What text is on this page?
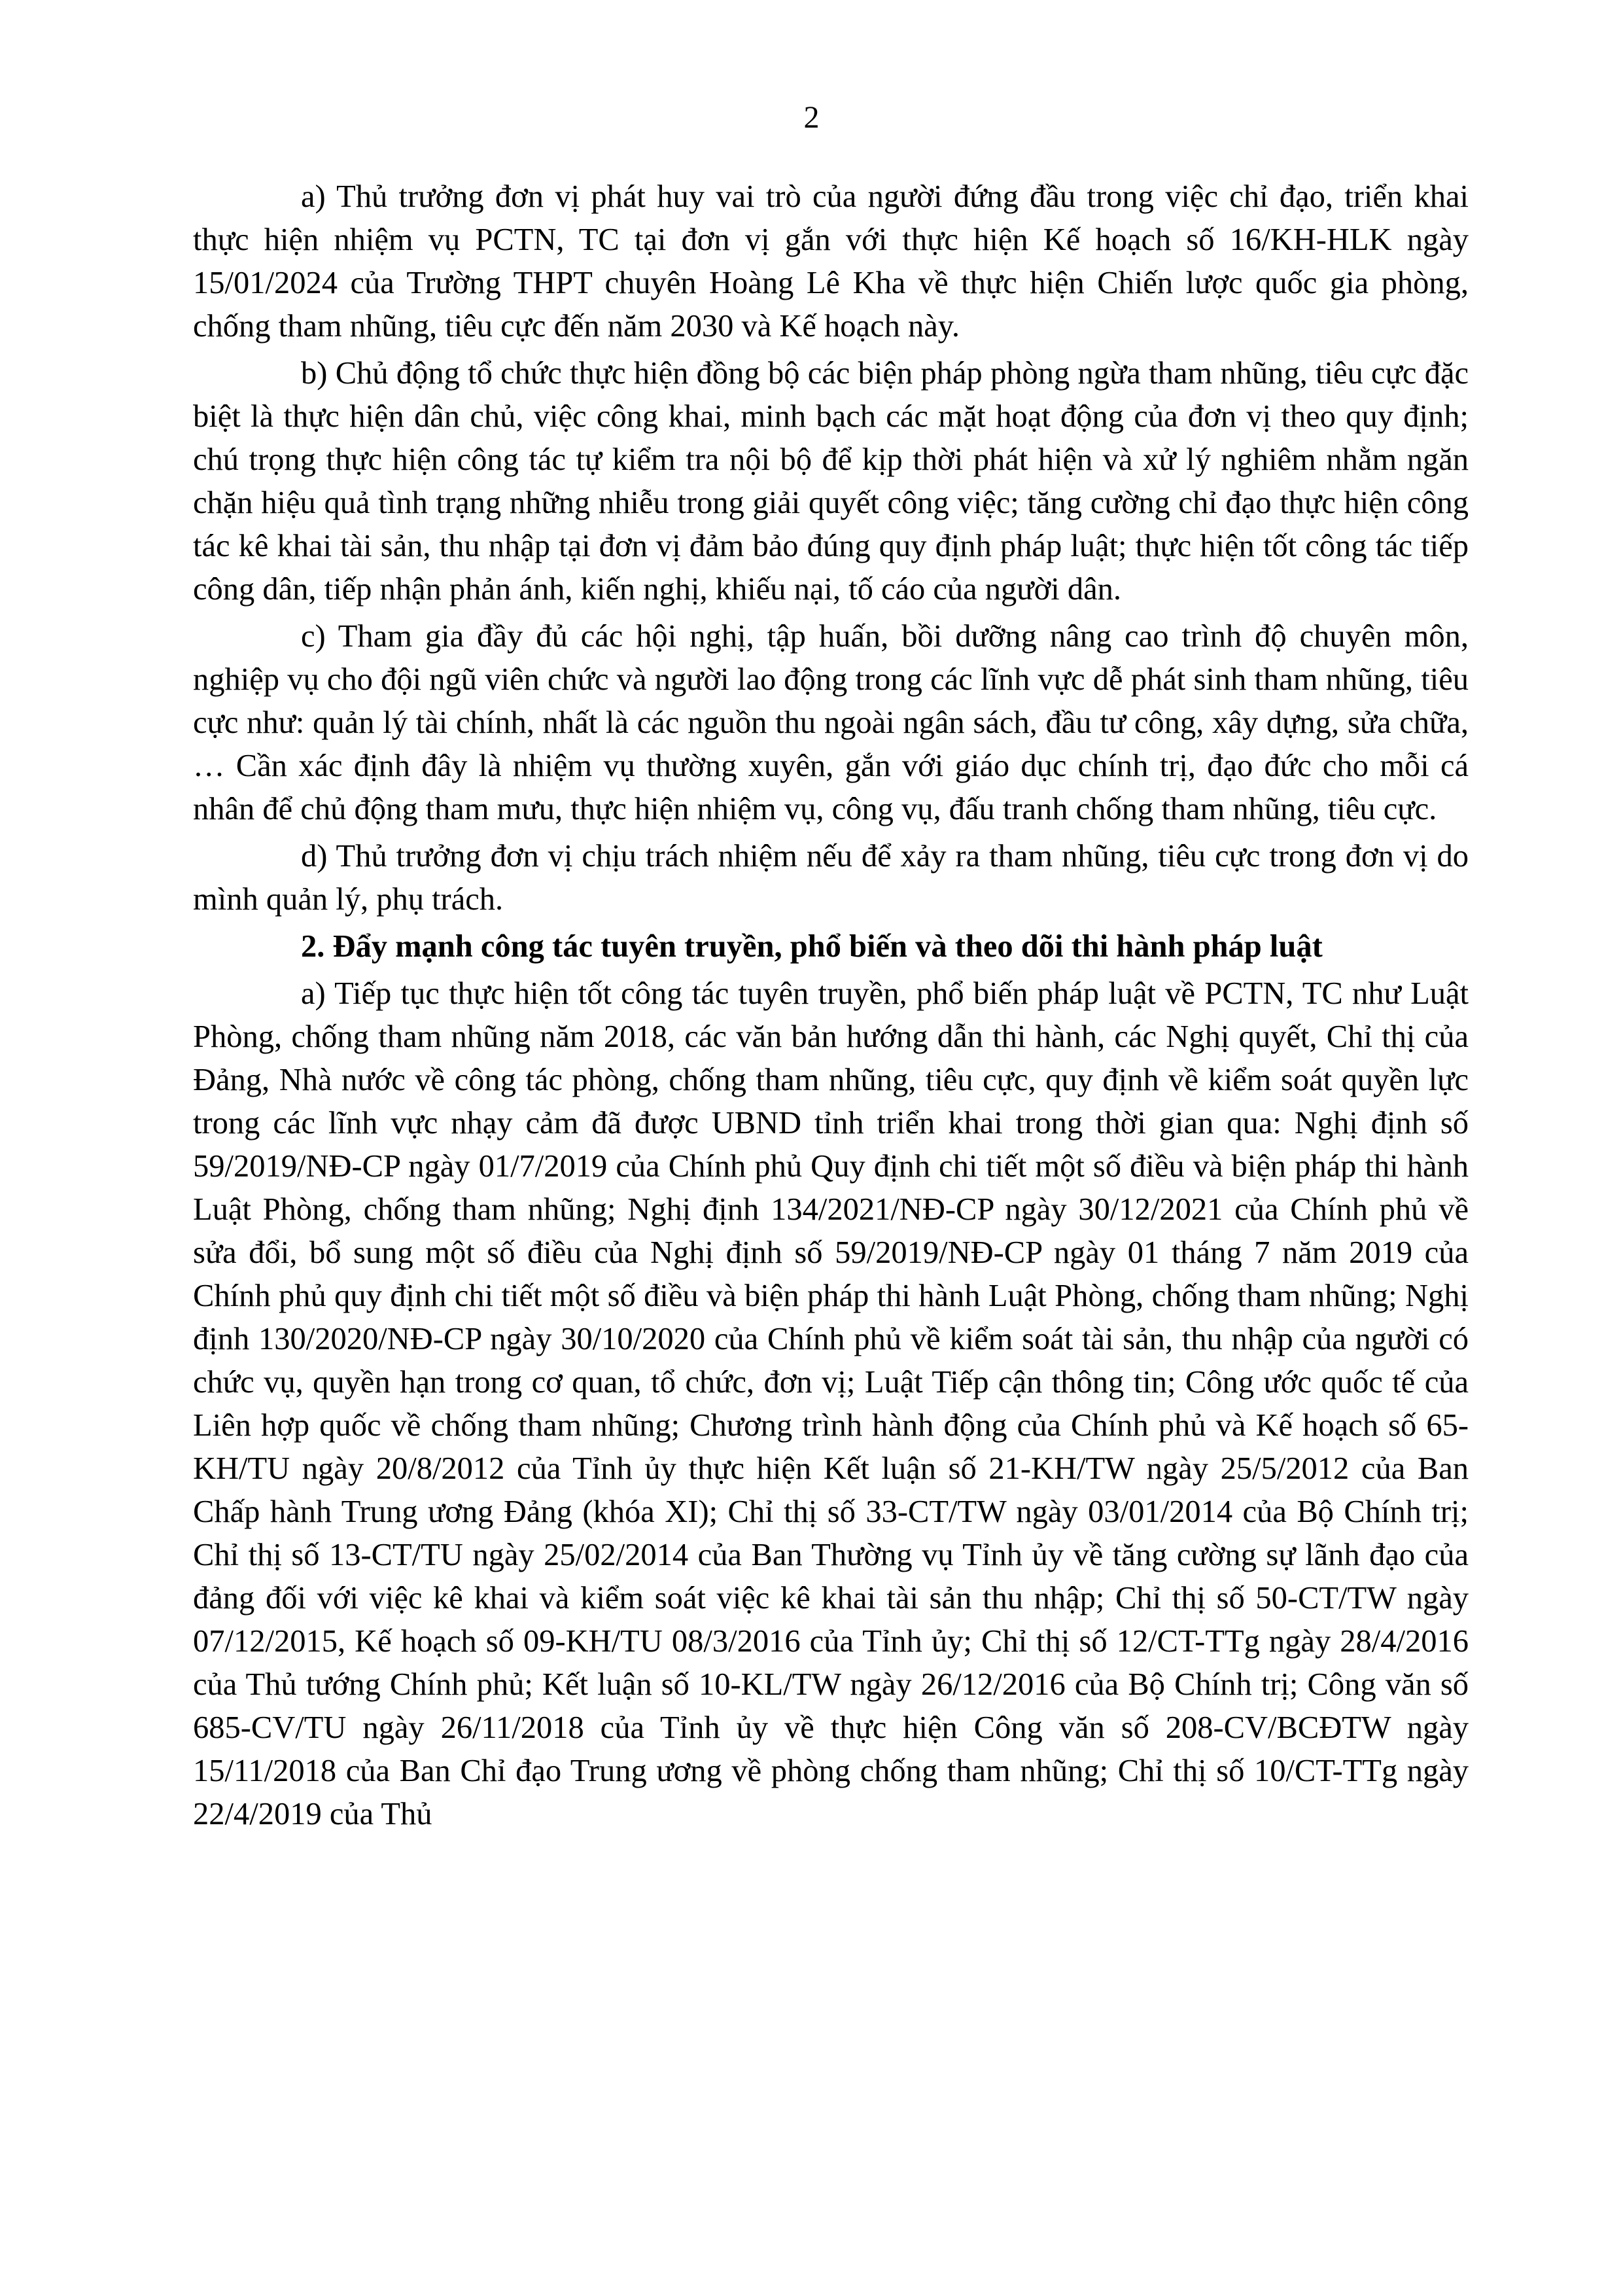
2

a) Thủ trưởng đơn vị phát huy vai trò của người đứng đầu trong việc chỉ đạo, triển khai thực hiện nhiệm vụ PCTN, TC tại đơn vị gắn với thực hiện Kế hoạch số 16/KH-HLK ngày 15/01/2024 của Trường THPT chuyên Hoàng Lê Kha về thực hiện Chiến lược quốc gia phòng, chống tham nhũng, tiêu cực đến năm 2030 và Kế hoạch này.

b) Chủ động tổ chức thực hiện đồng bộ các biện pháp phòng ngừa tham nhũng, tiêu cực đặc biệt là thực hiện dân chủ, việc công khai, minh bạch các mặt hoạt động của đơn vị theo quy định; chú trọng thực hiện công tác tự kiểm tra nội bộ để kịp thời phát hiện và xử lý nghiêm nhằm ngăn chặn hiệu quả tình trạng những nhiễu trong giải quyết công việc; tăng cường chỉ đạo thực hiện công tác kê khai tài sản, thu nhập tại đơn vị đảm bảo đúng quy định pháp luật; thực hiện tốt công tác tiếp công dân, tiếp nhận phản ánh, kiến nghị, khiếu nại, tố cáo của người dân.

c) Tham gia đầy đủ các hội nghị, tập huấn, bồi dưỡng nâng cao trình độ chuyên môn, nghiệp vụ cho đội ngũ viên chức và người lao động trong các lĩnh vực dễ phát sinh tham nhũng, tiêu cực như: quản lý tài chính, nhất là các nguồn thu ngoài ngân sách, đầu tư công, xây dựng, sửa chữa, … Cần xác định đây là nhiệm vụ thường xuyên, gắn với giáo dục chính trị, đạo đức cho mỗi cá nhân để chủ động tham mưu, thực hiện nhiệm vụ, công vụ, đấu tranh chống tham nhũng, tiêu cực.

d) Thủ trưởng đơn vị chịu trách nhiệm nếu để xảy ra tham nhũng, tiêu cực trong đơn vị do mình quản lý, phụ trách.

2. Đẩy mạnh công tác tuyên truyền, phổ biến và theo dõi thi hành pháp luật

a) Tiếp tục thực hiện tốt công tác tuyên truyền, phổ biến pháp luật về PCTN, TC như Luật Phòng, chống tham nhũng năm 2018, các văn bản hướng dẫn thi hành, các Nghị quyết, Chỉ thị của Đảng, Nhà nước về công tác phòng, chống tham nhũng, tiêu cực, quy định về kiểm soát quyền lực trong các lĩnh vực nhạy cảm đã được UBND tỉnh triển khai trong thời gian qua: Nghị định số 59/2019/NĐ-CP ngày 01/7/2019 của Chính phủ Quy định chi tiết một số điều và biện pháp thi hành Luật Phòng, chống tham nhũng; Nghị định 134/2021/NĐ-CP ngày 30/12/2021 của Chính phủ về sửa đổi, bổ sung một số điều của Nghị định số 59/2019/NĐ-CP ngày 01 tháng 7 năm 2019 của Chính phủ quy định chi tiết một số điều và biện pháp thi hành Luật Phòng, chống tham nhũng; Nghị định 130/2020/NĐ-CP ngày 30/10/2020 của Chính phủ về kiểm soát tài sản, thu nhập của người có chức vụ, quyền hạn trong cơ quan, tổ chức, đơn vị; Luật Tiếp cận thông tin; Công ước quốc tế của Liên hợp quốc về chống tham nhũng; Chương trình hành động của Chính phủ và Kế hoạch số 65-KH/TU ngày 20/8/2012 của Tỉnh ủy thực hiện Kết luận số 21-KH/TW ngày 25/5/2012 của Ban Chấp hành Trung ương Đảng (khóa XI); Chỉ thị số 33-CT/TW ngày 03/01/2014 của Bộ Chính trị; Chỉ thị số 13-CT/TU ngày 25/02/2014 của Ban Thường vụ Tỉnh ủy về tăng cường sự lãnh đạo của đảng đối với việc kê khai và kiểm soát việc kê khai tài sản thu nhập; Chỉ thị số 50-CT/TW ngày 07/12/2015, Kế hoạch số 09-KH/TU 08/3/2016 của Tỉnh ủy; Chỉ thị số 12/CT-TTg ngày 28/4/2016 của Thủ tướng Chính phủ; Kết luận số 10-KL/TW ngày 26/12/2016 của Bộ Chính trị; Công văn số 685-CV/TU ngày 26/11/2018 của Tỉnh ủy về thực hiện Công văn số 208-CV/BCĐTW ngày 15/11/2018 của Ban Chỉ đạo Trung ương về phòng chống tham nhũng; Chỉ thị số 10/CT-TTg ngày 22/4/2019 của Thủ
